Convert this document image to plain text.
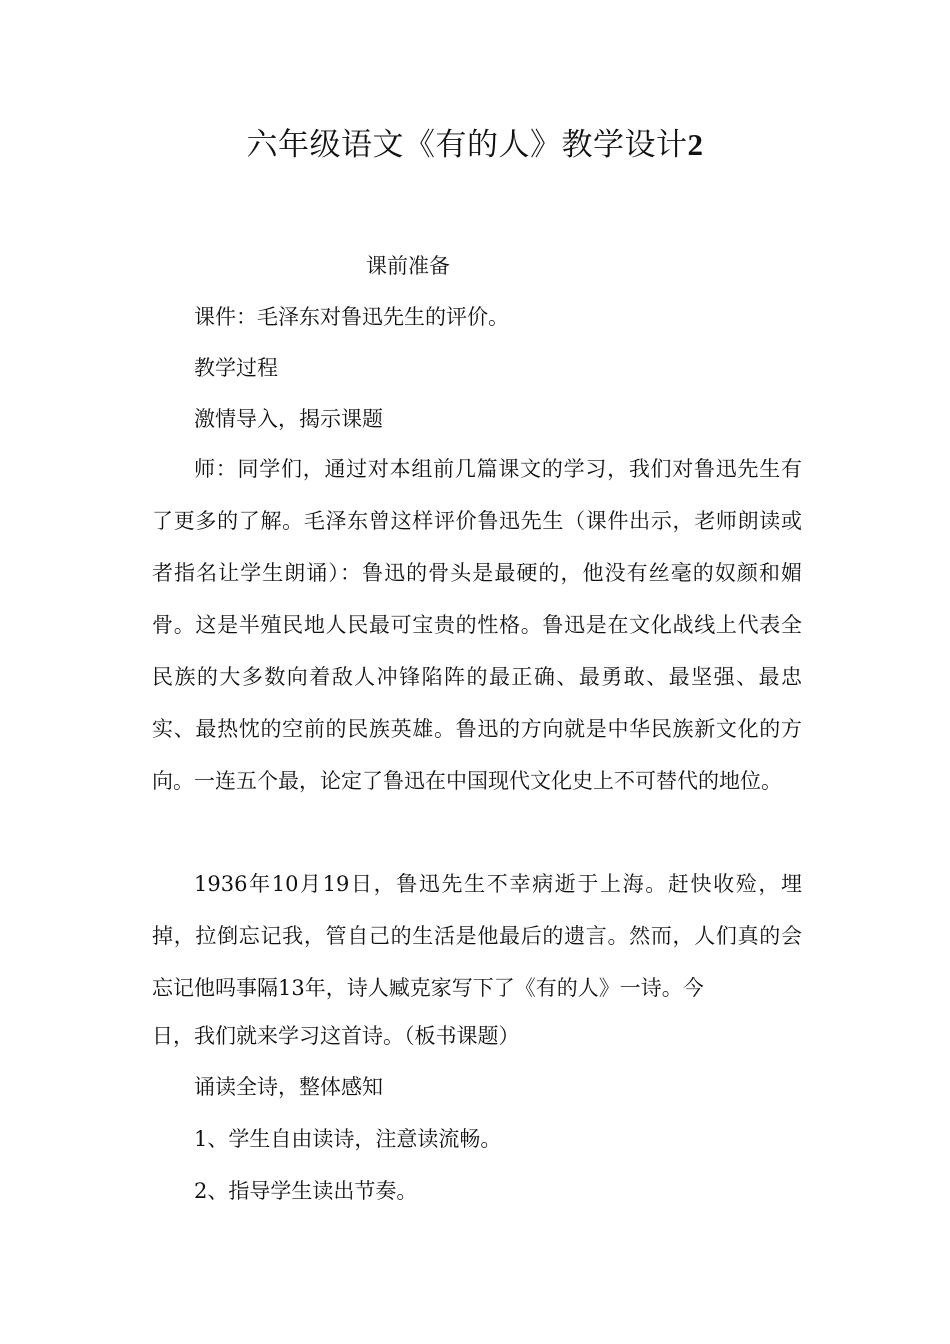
六年级语文《有的人》教学设计2

课前准备

课件：毛泽东对鲁迅先生的评价。

教学过程

激情导入，揭示课题

师：同学们，通过对本组前几篇课文的学习，我们对鲁迅先生有了更多的了解。毛泽东曾这样评价鲁迅先生（课件出示，老师朗读或者指名让学生朗诵）：鲁迅的骨头是最硬的，他没有丝毫的奴颜和媚骨。这是半殖民地人民最可宝贵的性格。鲁迅是在文化战线上代表全民族的大多数向着敌人冲锋陷阵的最正确、最勇敢、最坚强、最忠实、最热忱的空前的民族英雄。鲁迅的方向就是中华民族新文化的方向。一连五个最，论定了鲁迅在中国现代文化史上不可替代的地位。

1936年10月19日，鲁迅先生不幸病逝于上海。赶快收殓，埋掉，拉倒忘记我，管自己的生活是他最后的遗言。然而，人们真的会忘记他吗事隔13年，诗人臧克家写下了《有的人》一诗。今

日，我们就来学习这首诗。（板书课题）

诵读全诗，整体感知

1、学生自由读诗，注意读流畅。

2、指导学生读出节奏。
